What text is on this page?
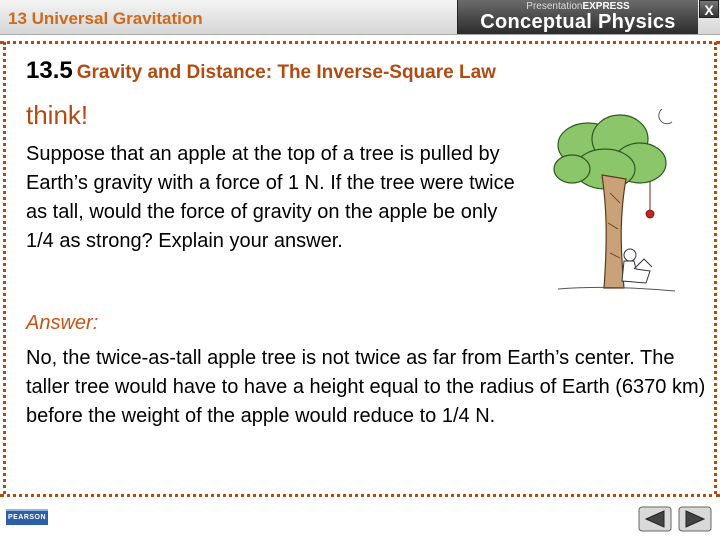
13 Universal Gravitation
PresentationEXPRESS
Conceptual Physics
X
13.5 Gravity and Distance: The Inverse-Square Law
think!
Suppose that an apple at the top of a tree is pulled by Earth’s gravity with a force of 1 N. If the tree were twice as tall, would the force of gravity on the apple be only 1/4 as strong? Explain your answer.
Answer:
No, the twice-as-tall apple tree is not twice as far from Earth’s center. The taller tree would have to have a height equal to the radius of Earth (6370 km) before the weight of the apple would reduce to 1/4 N.
PEARSON
